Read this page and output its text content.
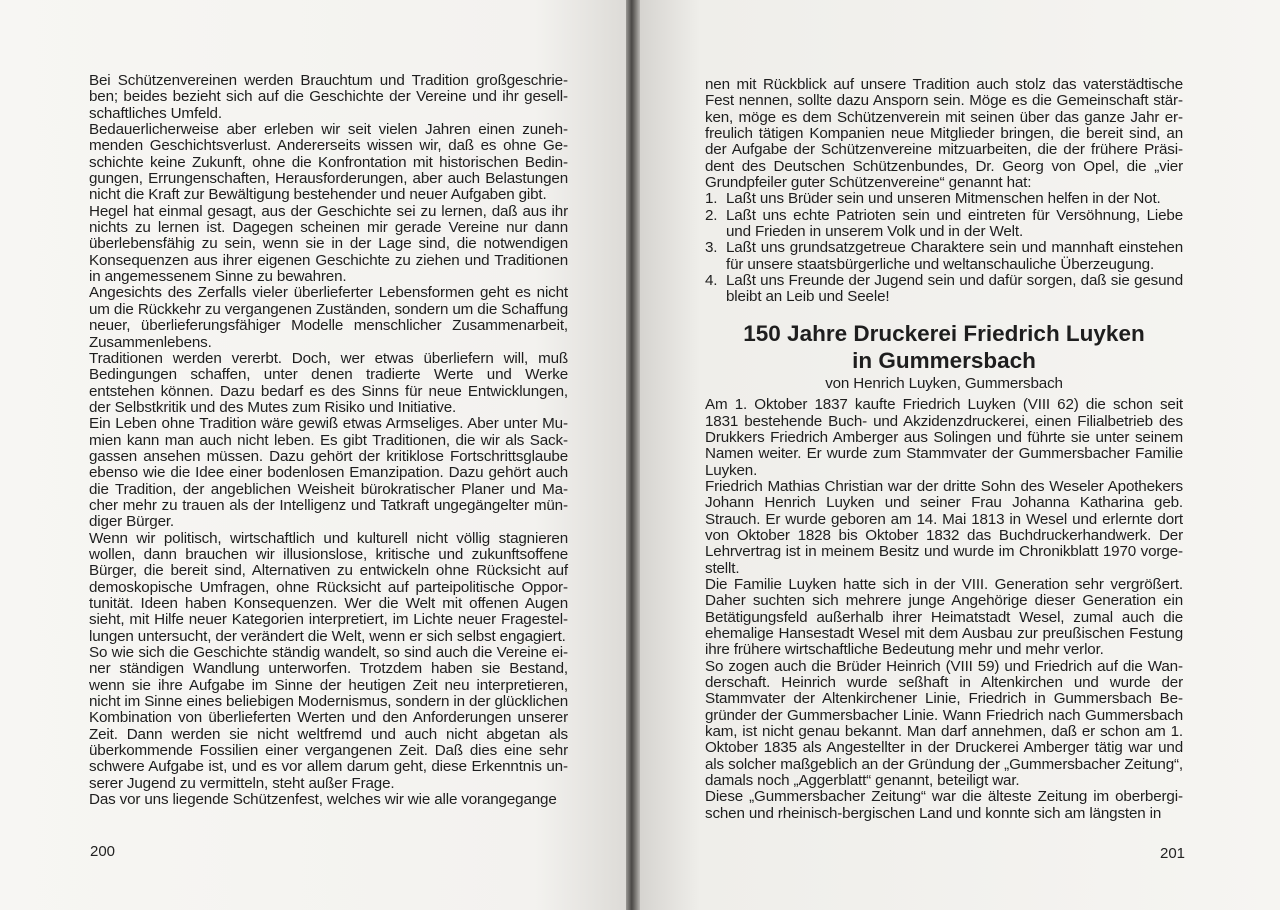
Bei Schützenvereinen werden Brauchtum und Tradition großgeschrieben; beides bezieht sich auf die Geschichte der Vereine und ihr gesellschaftliches Umfeld.

Bedauerlicherweise aber erleben wir seit vielen Jahren einen zunehmenden Geschichtsverlust. Andererseits wissen wir, daß es ohne Geschichte keine Zukunft, ohne die Konfrontation mit historischen Bedingungen, Errungenschaften, Herausforderungen, aber auch Belastungen nicht die Kraft zur Bewältigung bestehender und neuer Aufgaben gibt.

Hegel hat einmal gesagt, aus der Geschichte sei zu lernen, daß aus ihr nichts zu lernen ist. Dagegen scheinen mir gerade Vereine nur dann überlebensfähig zu sein, wenn sie in der Lage sind, die notwendigen Konsequenzen aus ihrer eigenen Geschichte zu ziehen und Traditionen in angemessenem Sinne zu bewahren.

Angesichts des Zerfalls vieler überlieferter Lebensformen geht es nicht um die Rückkehr zu vergangenen Zuständen, sondern um die Schaffung neuer, überlieferungsfähiger Modelle menschlicher Zusammenarbeit, Zusammenlebens.

Traditionen werden vererbt. Doch, wer etwas überliefern will, muß Bedingungen schaffen, unter denen tradierte Werte und Werke entstehen können. Dazu bedarf es des Sinns für neue Entwicklungen, der Selbstkritik und des Mutes zum Risiko und Initiative.

Ein Leben ohne Tradition wäre gewiß etwas Armseliges. Aber unter Mumien kann man auch nicht leben. Es gibt Traditionen, die wir als Sackgassen ansehen müssen. Dazu gehört der kritiklose Fortschrittsglaube ebenso wie die Idee einer bodenlosen Emanzipation. Dazu gehört auch die Tradition, der angeblichen Weisheit bürokratischer Planer und Macher mehr zu trauen als der Intelligenz und Tatkraft ungegängelter mündiger Bürger.

Wenn wir politisch, wirtschaftlich und kulturell nicht völlig stagnieren wollen, dann brauchen wir illusionslose, kritische und zukunftsoffene Bürger, die bereit sind, Alternativen zu entwickeln ohne Rücksicht auf demoskopische Umfragen, ohne Rücksicht auf parteipolitische Opportunität. Ideen haben Konsequenzen. Wer die Welt mit offenen Augen sieht, mit Hilfe neuer Kategorien interpretiert, im Lichte neuer Fragestellungen untersucht, der verändert die Welt, wenn er sich selbst engagiert.

So wie sich die Geschichte ständig wandelt, so sind auch die Vereine einer ständigen Wandlung unterworfen. Trotzdem haben sie Bestand, wenn sie ihre Aufgabe im Sinne der heutigen Zeit neu interpretieren, nicht im Sinne eines beliebigen Modernismus, sondern in der glücklichen Kombination von überlieferten Werten und den Anforderungen unserer Zeit. Dann werden sie nicht weltfremd und auch nicht abgetan als überkommende Fossilien einer vergangenen Zeit. Daß dies eine sehr schwere Aufgabe ist, und es vor allem darum geht, diese Erkenntnis unserer Jugend zu vermitteln, steht außer Frage.

Das vor uns liegende Schützenfest, welches wir wie alle vorangegange

200

nen mit Rückblick auf unsere Tradition auch stolz das vaterstädtische Fest nennen, sollte dazu Ansporn sein. Möge es die Gemeinschaft stärken, möge es dem Schützenverein mit seinen über das ganze Jahr erfreulich tätigen Kompanien neue Mitglieder bringen, die bereit sind, an der Aufgabe der Schützenvereine mitzuarbeiten, die der frühere Präsident des Deutschen Schützenbundes, Dr. Georg von Opel, die „vier Grundpfeiler guter Schützenvereine“ genannt hat:

1. Laßt uns Brüder sein und unseren Mitmenschen helfen in der Not.
2. Laßt uns echte Patrioten sein und eintreten für Versöhnung, Liebe und Frieden in unserem Volk und in der Welt.
3. Laßt uns grundsatzgetreue Charaktere sein und mannhaft einstehen für unsere staatsbürgerliche und weltanschauliche Überzeugung.
4. Laßt uns Freunde der Jugend sein und dafür sorgen, daß sie gesund bleibt an Leib und Seele!
150 Jahre Druckerei Friedrich Luyken
in Gummersbach
von Henrich Luyken, Gummersbach

Am 1. Oktober 1837 kaufte Friedrich Luyken (VIII 62) die schon seit 1831 bestehende Buch- und Akzidenzdruckerei, einen Filialbetrieb des Drukkers Friedrich Amberger aus Solingen und führte sie unter seinem Namen weiter. Er wurde zum Stammvater der Gummersbacher Familie Luyken.

Friedrich Mathias Christian war der dritte Sohn des Weseler Apothekers Johann Henrich Luyken und seiner Frau Johanna Katharina geb. Strauch. Er wurde geboren am 14. Mai 1813 in Wesel und erlernte dort von Oktober 1828 bis Oktober 1832 das Buchdruckerhandwerk. Der Lehrvertrag ist in meinem Besitz und wurde im Chronikblatt 1970 vorgestellt.

Die Familie Luyken hatte sich in der VIII. Generation sehr vergrößert. Daher suchten sich mehrere junge Angehörige dieser Generation ein Betätigungsfeld außerhalb ihrer Heimatstadt Wesel, zumal auch die ehemalige Hansestadt Wesel mit dem Ausbau zur preußischen Festung ihre frühere wirtschaftliche Bedeutung mehr und mehr verlor.

So zogen auch die Brüder Heinrich (VIII 59) und Friedrich auf die Wanderschaft. Heinrich wurde seßhaft in Altenkirchen und wurde der Stammvater der Altenkirchener Linie, Friedrich in Gummersbach Begründer der Gummersbacher Linie. Wann Friedrich nach Gummersbach kam, ist nicht genau bekannt. Man darf annehmen, daß er schon am 1. Oktober 1835 als Angestellter in der Druckerei Amberger tätig war und als solcher maßgeblich an der Gründung der „Gummersbacher Zeitung“, damals noch „Aggerblatt“ genannt, beteiligt war.

Diese „Gummersbacher Zeitung“ war die älteste Zeitung im oberbergischen und rheinisch-bergischen Land und konnte sich am längsten in

201
